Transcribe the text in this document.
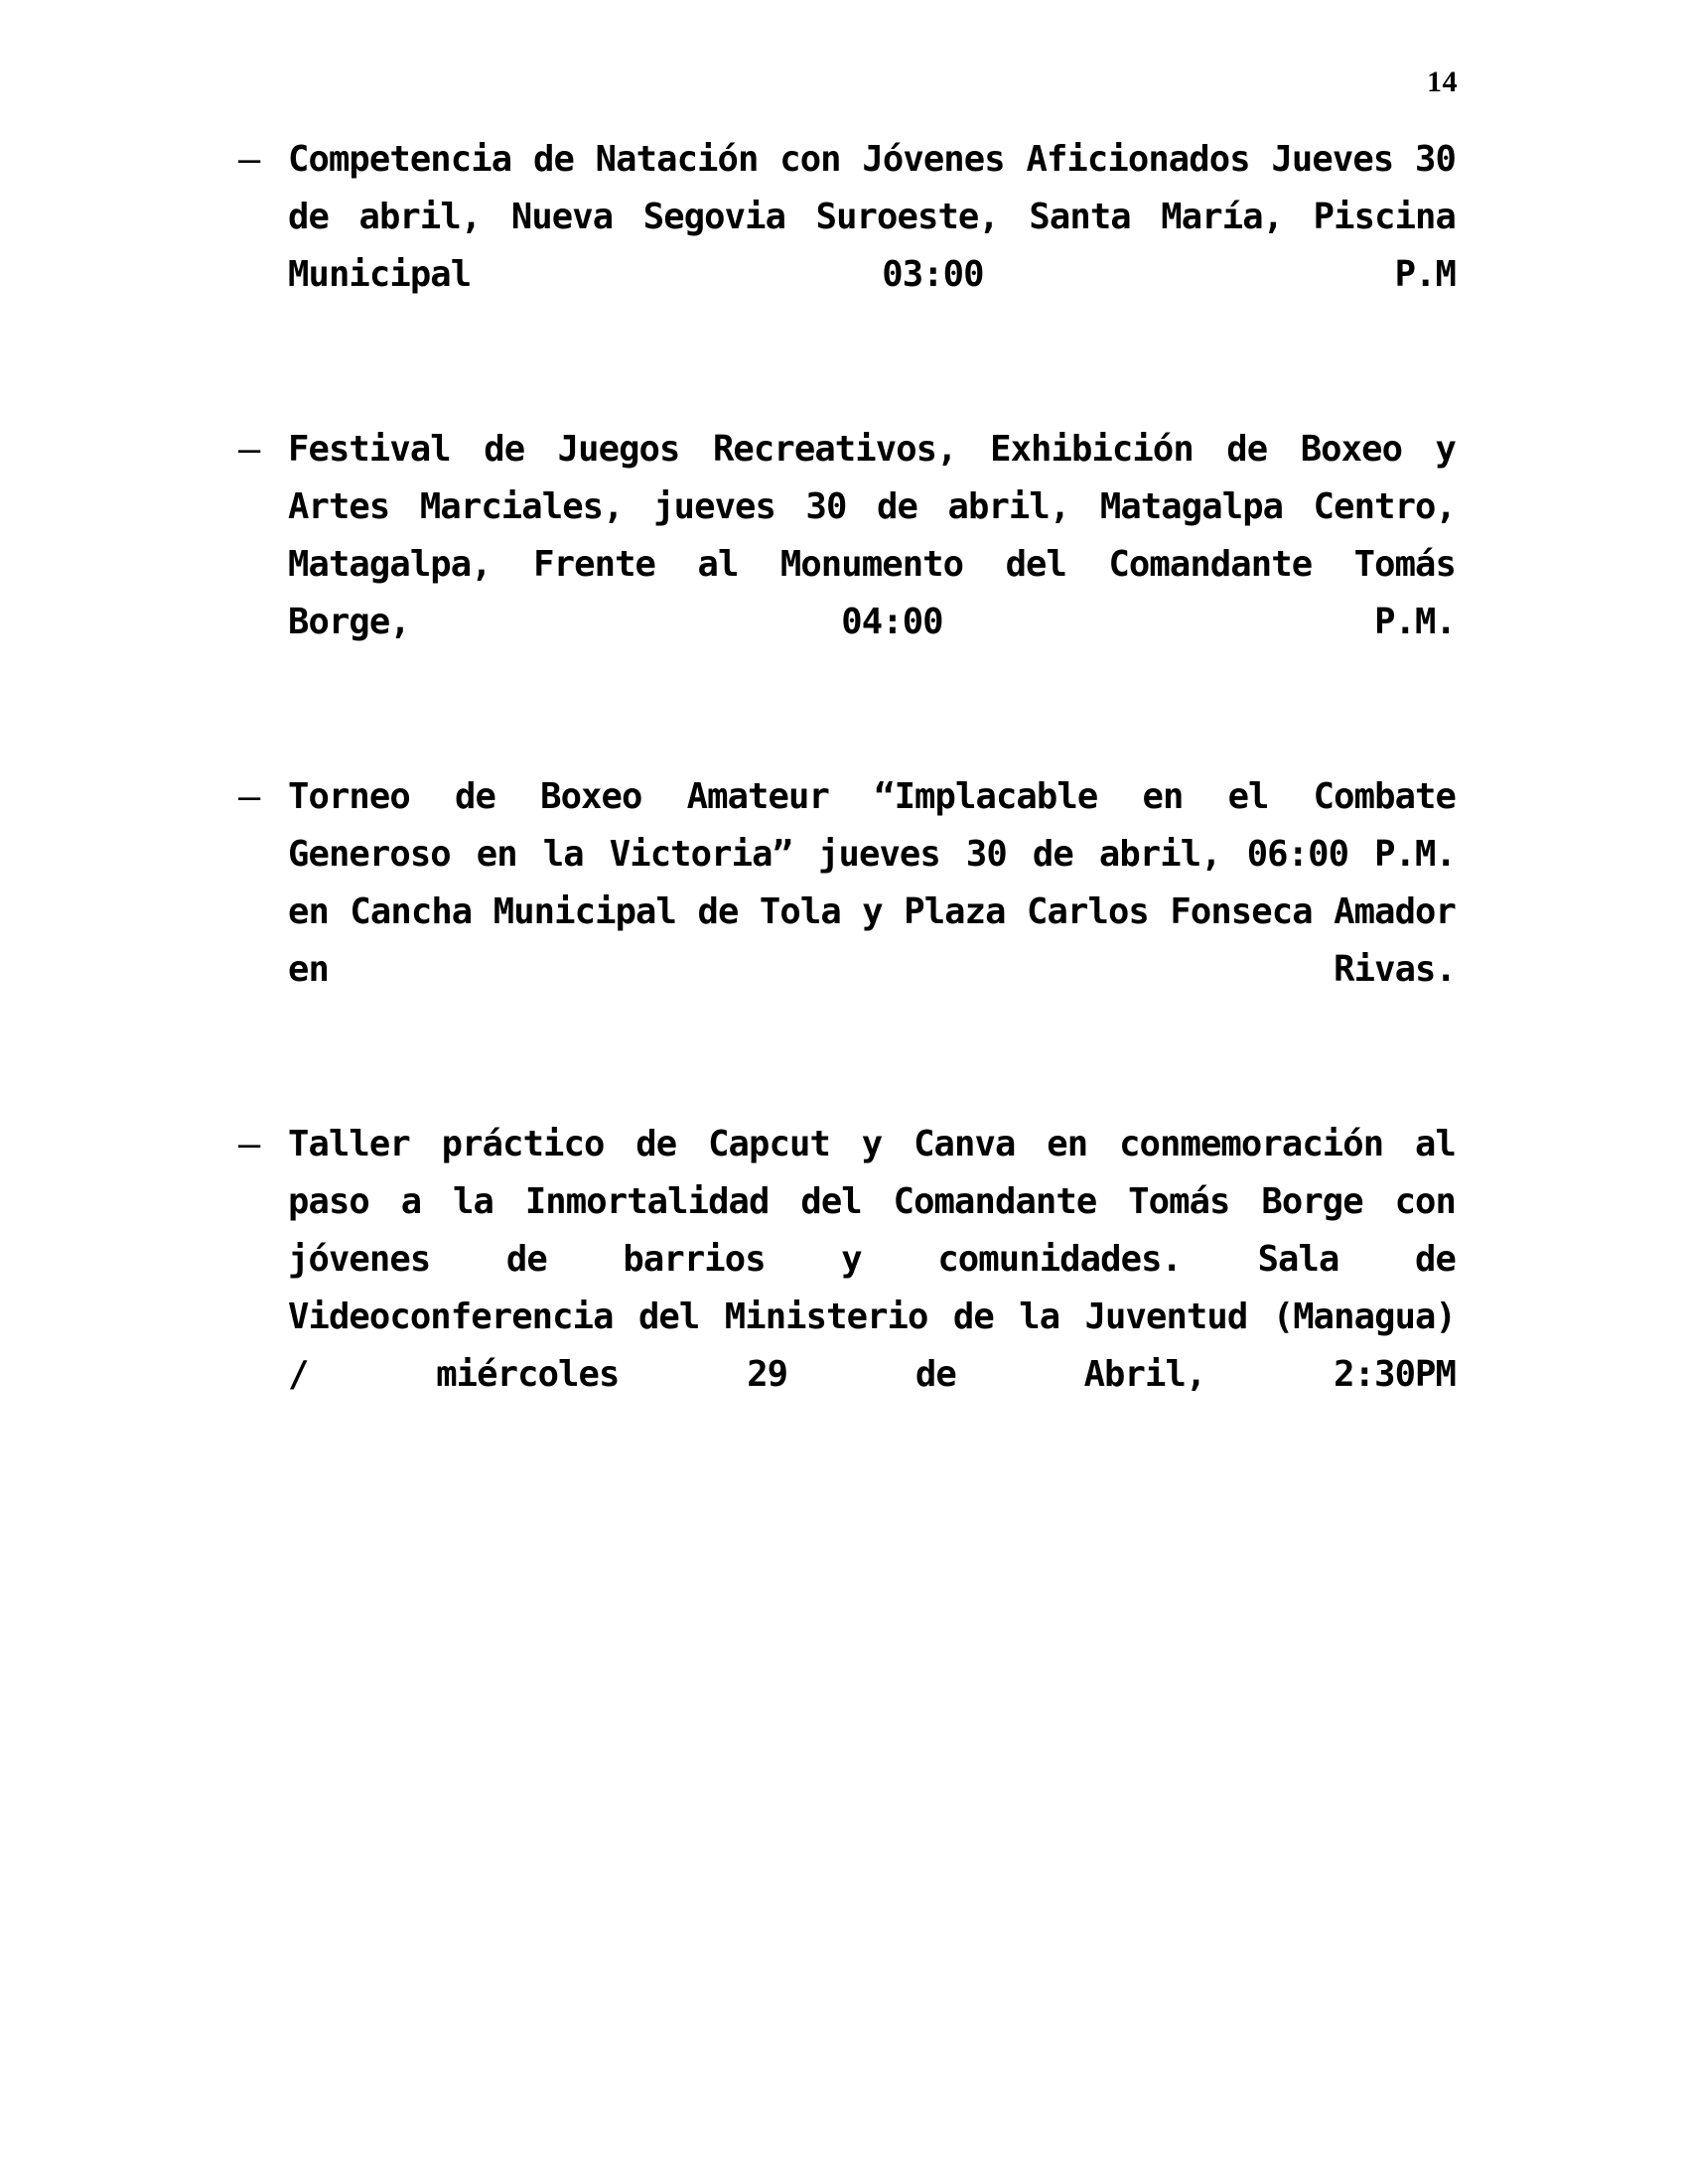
14
– Competencia de Natación con Jóvenes Aficionados Jueves 30 de abril, Nueva Segovia Suroeste, Santa María, Piscina Municipal 03:00 P.M
– Festival de Juegos Recreativos, Exhibición de Boxeo y Artes Marciales, jueves 30 de abril, Matagalpa Centro, Matagalpa, Frente al Monumento del Comandante Tomás Borge, 04:00 P.M.
– Torneo de Boxeo Amateur “Implacable en el Combate Generoso en la Victoria” jueves 30 de abril, 06:00 P.M. en Cancha Municipal de Tola y Plaza Carlos Fonseca Amador en Rivas.
– Taller práctico de Capcut y Canva en conmemoración al paso a la Inmortalidad del Comandante Tomás Borge con jóvenes de barrios y comunidades. Sala de Videoconferencia del Ministerio de la Juventud (Managua) / miércoles 29 de Abril, 2:30PM
